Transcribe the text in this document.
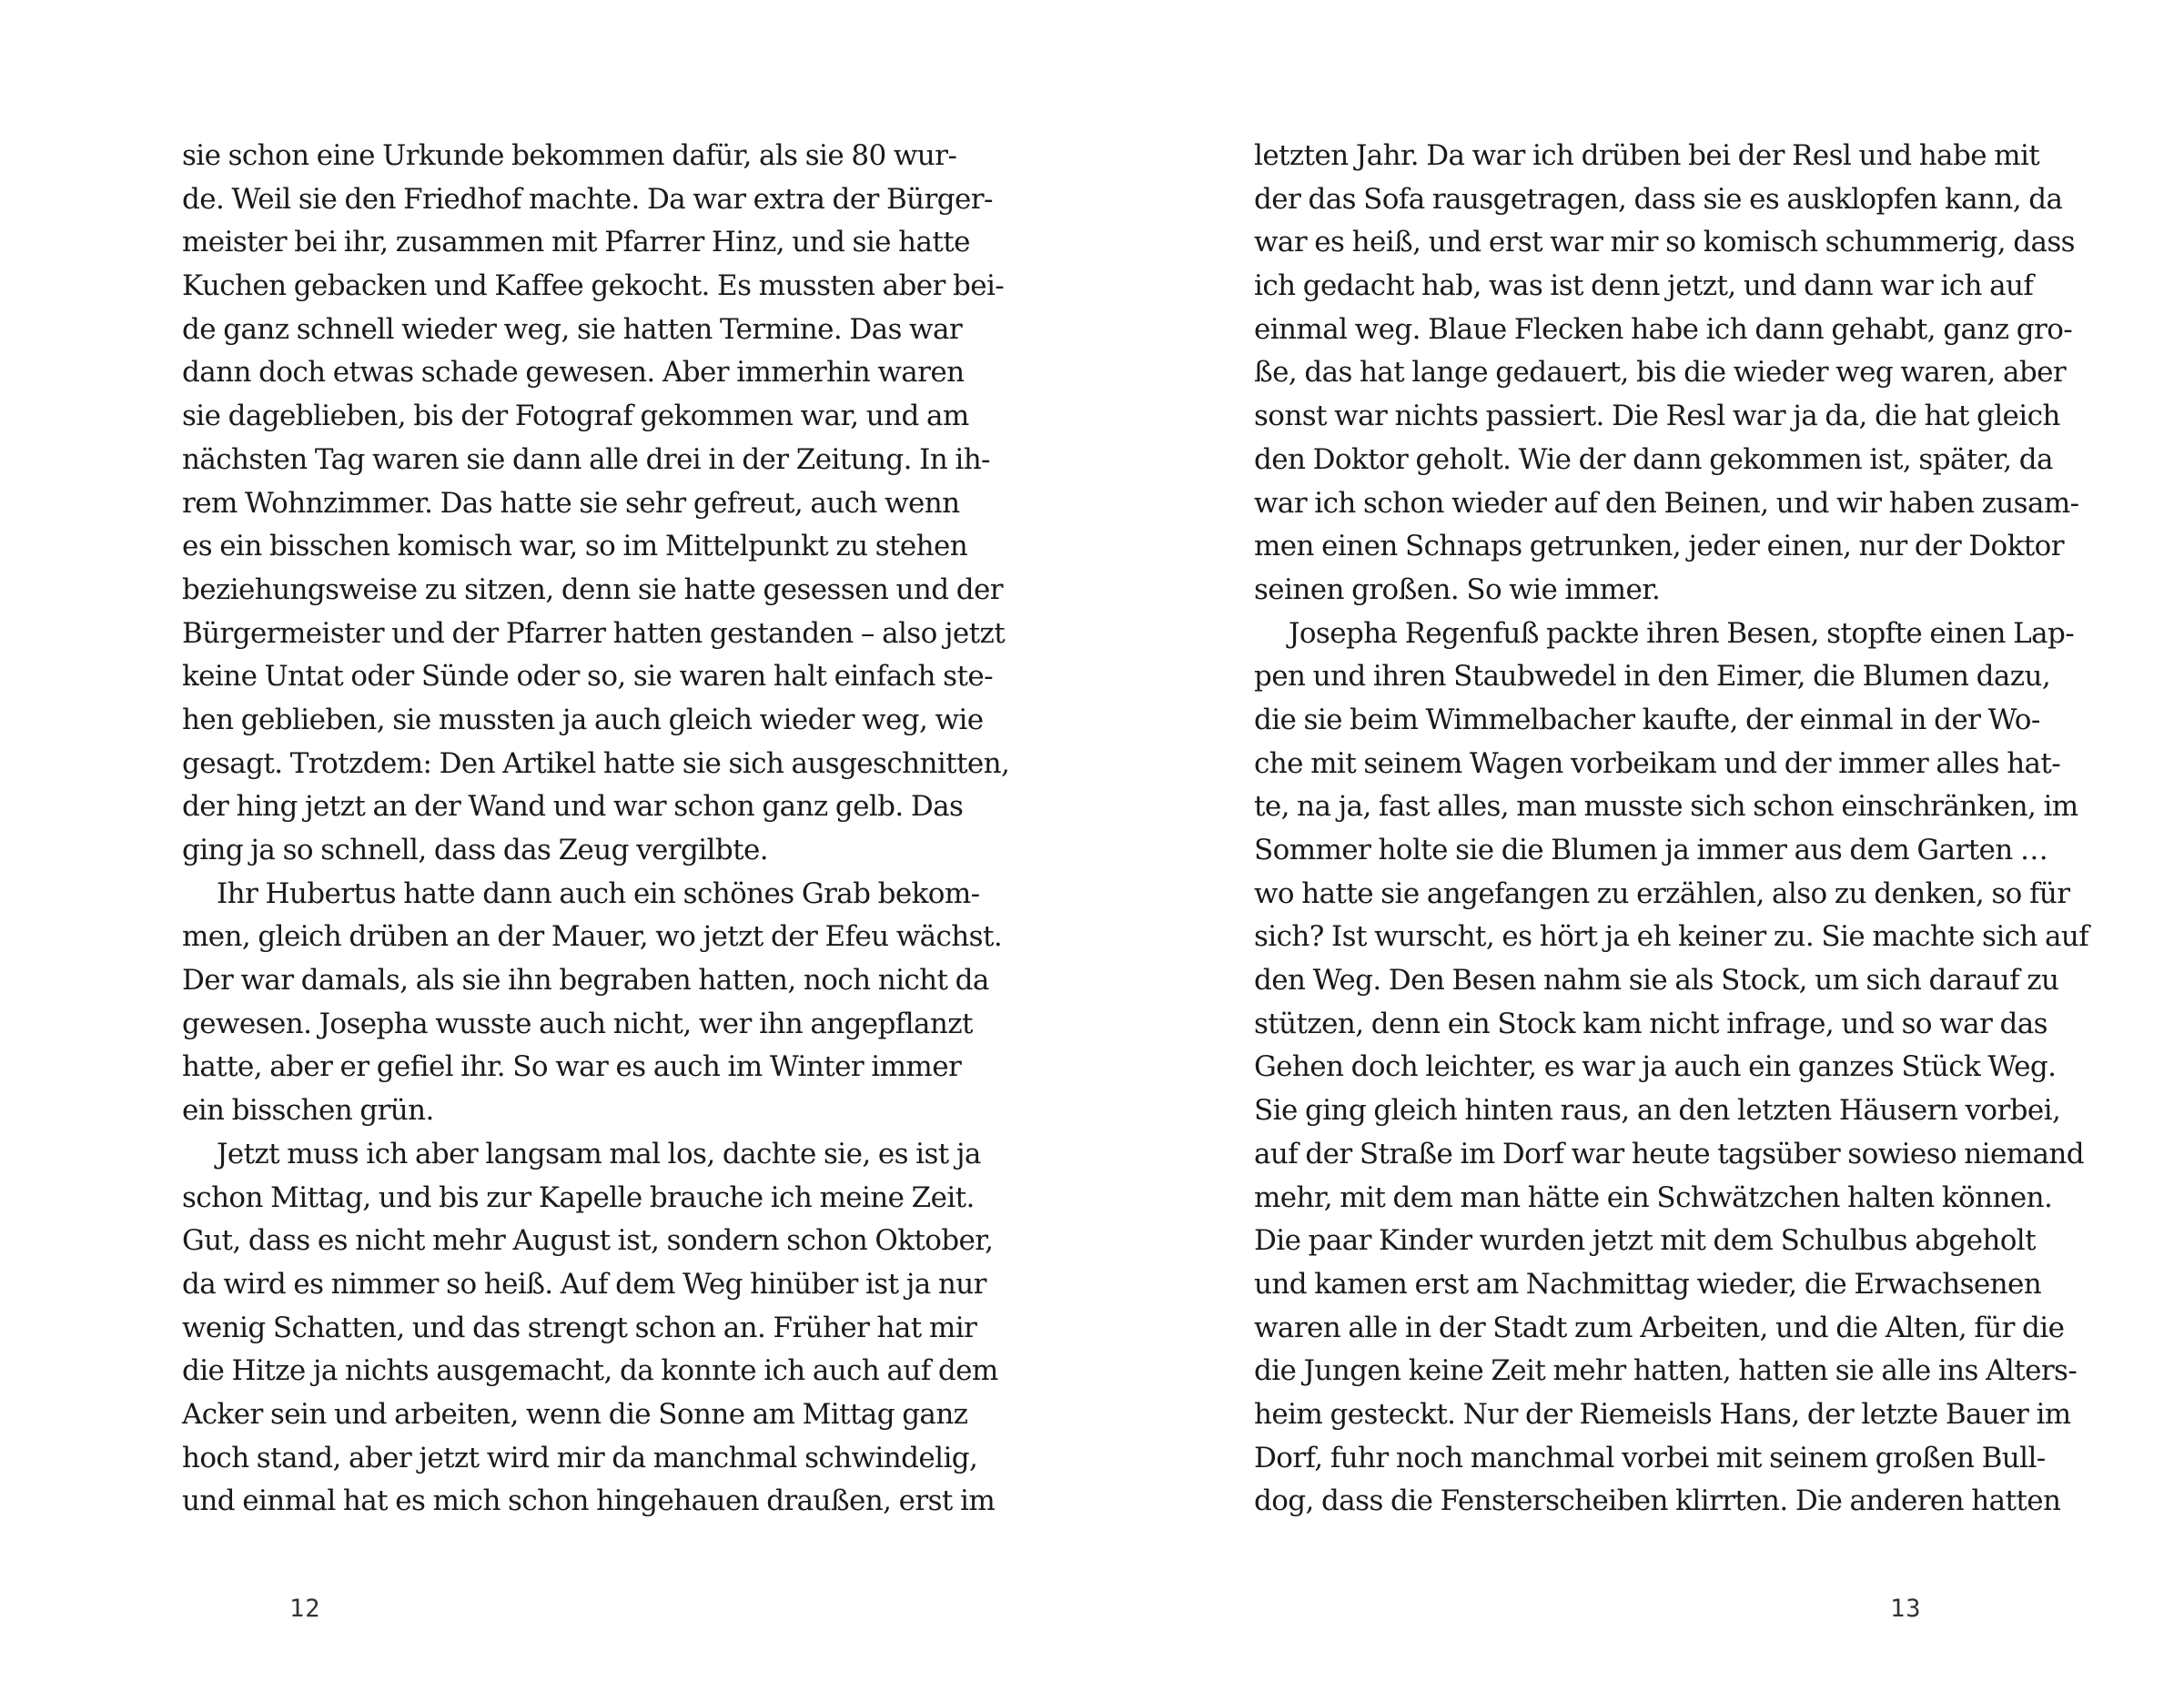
sie schon eine Urkunde bekommen dafür, als sie 80 wur-
de. Weil sie den Friedhof machte. Da war extra der Bürger-
meister bei ihr, zusammen mit Pfarrer Hinz, und sie hatte
Kuchen gebacken und Kaffee gekocht. Es mussten aber bei-
de ganz schnell wieder weg, sie hatten Termine. Das war
dann doch etwas schade gewesen. Aber immerhin waren
sie dageblieben, bis der Fotograf gekommen war, und am
nächsten Tag waren sie dann alle drei in der Zeitung. In ih-
rem Wohnzimmer. Das hatte sie sehr gefreut, auch wenn
es ein bisschen komisch war, so im Mittelpunkt zu stehen
beziehungsweise zu sitzen, denn sie hatte gesessen und der
Bürgermeister und der Pfarrer hatten gestanden – also jetzt
keine Untat oder Sünde oder so, sie waren halt einfach ste-
hen geblieben, sie mussten ja auch gleich wieder weg, wie
gesagt. Trotzdem: Den Artikel hatte sie sich ausgeschnitten,
der hing jetzt an der Wand und war schon ganz gelb. Das
ging ja so schnell, dass das Zeug vergilbte.
Ihr Hubertus hatte dann auch ein schönes Grab bekom-
men, gleich drüben an der Mauer, wo jetzt der Efeu wächst.
Der war damals, als sie ihn begraben hatten, noch nicht da
gewesen. Josepha wusste auch nicht, wer ihn angepflanzt
hatte, aber er gefiel ihr. So war es auch im Winter immer
ein bisschen grün.
Jetzt muss ich aber langsam mal los, dachte sie, es ist ja
schon Mittag, und bis zur Kapelle brauche ich meine Zeit.
Gut, dass es nicht mehr August ist, sondern schon Oktober,
da wird es nimmer so heiß. Auf dem Weg hinüber ist ja nur
wenig Schatten, und das strengt schon an. Früher hat mir
die Hitze ja nichts ausgemacht, da konnte ich auch auf dem
Acker sein und arbeiten, wenn die Sonne am Mittag ganz
hoch stand, aber jetzt wird mir da manchmal schwindelig,
und einmal hat es mich schon hingehauen draußen, erst im
12
letzten Jahr. Da war ich drüben bei der Resl und habe mit
der das Sofa rausgetragen, dass sie es ausklopfen kann, da
war es heiß, und erst war mir so komisch schummerig, dass
ich gedacht hab, was ist denn jetzt, und dann war ich auf
einmal weg. Blaue Flecken habe ich dann gehabt, ganz gro-
ße, das hat lange gedauert, bis die wieder weg waren, aber
sonst war nichts passiert. Die Resl war ja da, die hat gleich
den Doktor geholt. Wie der dann gekommen ist, später, da
war ich schon wieder auf den Beinen, und wir haben zusam-
men einen Schnaps getrunken, jeder einen, nur der Doktor
seinen großen. So wie immer.
Josepha Regenfuß packte ihren Besen, stopfte einen Lap-
pen und ihren Staubwedel in den Eimer, die Blumen dazu,
die sie beim Wimmelbacher kaufte, der einmal in der Wo-
che mit seinem Wagen vorbeikam und der immer alles hat-
te, na ja, fast alles, man musste sich schon einschränken, im
Sommer holte sie die Blumen ja immer aus dem Garten …
wo hatte sie angefangen zu erzählen, also zu denken, so für
sich? Ist wurscht, es hört ja eh keiner zu. Sie machte sich auf
den Weg. Den Besen nahm sie als Stock, um sich darauf zu
stützen, denn ein Stock kam nicht infrage, und so war das
Gehen doch leichter, es war ja auch ein ganzes Stück Weg.
Sie ging gleich hinten raus, an den letzten Häusern vorbei,
auf der Straße im Dorf war heute tagsüber sowieso niemand
mehr, mit dem man hätte ein Schwätzchen halten können.
Die paar Kinder wurden jetzt mit dem Schulbus abgeholt
und kamen erst am Nachmittag wieder, die Erwachsenen
waren alle in der Stadt zum Arbeiten, und die Alten, für die
die Jungen keine Zeit mehr hatten, hatten sie alle ins Alters-
heim gesteckt. Nur der Riemeisls Hans, der letzte Bauer im
Dorf, fuhr noch manchmal vorbei mit seinem großen Bull-
dog, dass die Fensterscheiben klirrten. Die anderen hatten
13
